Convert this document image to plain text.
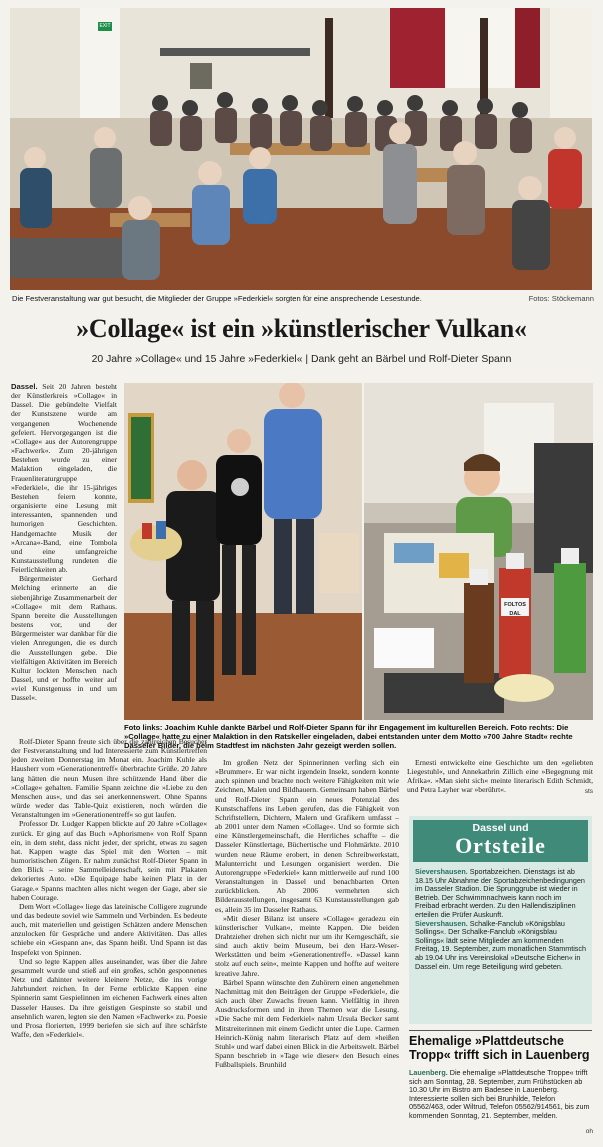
EXIT
Die Festveranstaltung war gut besucht, die Mitglieder der Gruppe »Federkiel« sorgten für eine ansprechende Lesestunde.	Fotos: Stöckemann
»Collage« ist ein »künstlerischer Vulkan«
20 Jahre »Collage« und 15 Jahre »Federkiel« | Dank geht an Bärbel und Rolf-Dieter Spann

Dassel. Seit 20 Jahren besteht der Künstlerkreis »Collage« in Dassel. Die gebündelte Vielfalt der Kunstszene wurde am vergangenen Wochenende gefeiert. Hervorgegangen ist die »Collage« aus der Autorengruppe »Fachwerk«. Zum 20-jährigen Bestehen wurde zu einer Malaktion eingeladen, die Frauenliteraturgruppe »Federkiel«, die ihr 15-jähriges Bestehen feiern konnte, organisierte eine Lesung mit interessanten, spannenden und humorigen Geschichten. Handgemachte Musik der »Arcana«-Band, eine Tombola und eine umfangreiche Kunstausstellung rundeten die Feierlichkeiten ab.

Bürgermeister Gerhard Melching erinnerte an die siebenjährige Zusammenarbeit der »Collage« mit dem Rathaus. Spann bereite die Ausstellungen bestens vor, und der Bürgermeister war dankbar für die vielen Anregungen, die es durch die Ausstellungen gebe. Die vielfältigen Aktivitäten im Bereich Kultur lockten Menschen nach Dassel, und er hoffte weiter auf »viel Kunstgenuss in und um Dassel«.

FOLTOS
DAL
Foto links: Joachim Kuhle dankte Bärbel und Rolf-Dieter Spann für ihr Engagement im kulturellen Bereich. Foto rechts: Die »Collage« hatte zu einer Malaktion in den Ratskeller eingeladen, dabei entstanden unter dem Motto »700 Jahre Stadt« rechte Dasseler Bilder, die beim Stadtfest im nächsten Jahr gezeigt werden sollen.

Rolf-Dieter Spann freute sich über die zahlreichen Besucher der Festveranstaltung und lud Interessierte zum Künstlertreffen jeden zweiten Donnerstag im Monat ein. Joachim Kuhle als Hausherr vom »Generationentreff« überbrachte Grüße. 20 Jahre lang hätten die neun Musen ihre schützende Hand über die »Collage« gehalten. Familie Spann zeichne die »Liebe zu den Menschen aus«, und das sei anerkennenswert. Ohne Spanns würde weder das Table-Quiz existieren, noch würden die Veranstaltungen im »Generationentreff« so gut laufen.

Professor Dr. Ludger Kappen blickte auf 20 Jahre »Collage« zurück. Er ging auf das Buch »Aphorismen« von Rolf Spann ein, in dem steht, dass nicht jeder, der spricht, etwas zu sagen hat. Kappen wagte das Spiel mit den Worten – mit humoristischen Zügen. Er nahm zunächst Rolf-Dieter Spann in den Blick – seine Sammelleidenschaft, sein mit Plakaten dekoriertes Auto. »Die Equipage habe keinen Platz in der Garage.« Spanns machten alles nicht wegen der Gage, aber sie haben Courage.

Dem Wort »Collage« liege das lateinische Colligere zugrunde und das bedeute soviel wie Sammeln und Verbinden. Es bedeute auch, mit materiellen und geistigen Schätzen andere Menschen anzulocken für Gespräche und andere Aktivitäten. Das alles schiebe ein »Gespann an«, das Spann heißt. Und Spann ist das Inspefekt von Spinnen.

Und so legte Kappen alles auseinander, was über die Jahre gesammelt wurde und stieß auf ein großes, schön gesponnenes Netz und dahinter weitere kleinere Netze, die ins vorige Jahrhundert reichen. In der Ferne erblickte Kappen eine Spinnerin samt Gespielinnen im eichenen Fachwerk eines alten Dasseler Hauses. Da ihre geistigen Gespinste so stabil und ansehnlich waren, legten sie den Namen »Fachwerk« zu. Poesie und Prosa florierten, 1999 beriefen sie sich auf ihre schärfste Waffe, den »Federkiel«.

Im großen Netz der Spinnerinnen verfing sich ein »Brummer«. Er war nicht irgendein Insekt, sondern konnte auch spinnen und brachte noch weitere Fähigkeiten mit wie Zeichnen, Malen und Bildhauern. Gemeinsam haben Bärbel und Rolf-Dieter Spann ein neues Potenzial des Kunstschaffens ins Leben gerufen, das die Fähigkeit von Schriftstellern, Dichtern, Malern und Grafikern umfasst – ab 2001 unter dem Namen »Collage«. Und so formte sich eine Künstlergemeinschaft, die Herrliches schaffte – die Dasseler Künstlertage, Büchertische und Flohmärkte. 2010 wurden neue Räume erobert, in denen Schreibwerkstatt, Malunterricht und Lesungen organisiert werden. Die Autorengruppe »Federkiel« kann mittlerweile auf rund 100 Veranstaltungen in Dassel und benachbarten Orten zurückblicken. Ab 2006 vermehrten sich Bilderausstellungen, insgesamt 63 Kunstausstellungen gab es, allein 35 im Dasseler Rathaus.

»Mit dieser Bilanz ist unsere »Collage« geradezu ein künstlerischer Vulkan«, meinte Kappen. Die beiden Drahtzieher drehen sich nicht nur um ihr Kerngeschäft, sie sind auch aktiv beim Museum, bei den Harz-Weser-Werkstätten und beim »Generationentreff«. »Dassel kann stolz auf euch sein«, meinte Kappen und hoffte auf weitere kreative Jahre.

Bärbel Spann wünschte den Zuhörern einen angenehmen Nachmittag mit den Beiträgen der Gruppe »Federkiel«, die sich auch über Zuwachs freuen kann. Vielfältig in ihren Ausdrucksformen und in ihren Themen war die Lesung. »Die Sache mit dem Federkiel« nahm Ursula Becker samt Mitstreiterinnen mit einem Gedicht unter die Lupe. Carmen Heinrich-König nahm literarisch Platz auf dem »heißen Stuhl« und warf dabei einen Blick in die Arbeitswelt. Bärbel Spann beschrieb in »Tage wie dieser« den Besuch eines Fußballspiels. Brunhild

Ernesti entwickelte eine Geschichte um den »geliebten Liegestuhl«, und Annekathrin Zillich eine »Begegnung mit Afrika«. »Man sieht sich« meinte literarisch Edith Schmidt, und Petra Layher war »berührt«.	sts
Dassel und
Ortsteile

Sievershausen. Sportabzeichen. Dienstags ist ab 18.15 Uhr Abnahme der Sportabzeichenbedingungen im Dasseler Stadion. Die Sprunggrube ist wieder in Betrieb. Der Schwimmnachweis kann noch im Freibad erbracht werden. Zu den Hallendisziplinen erteilen die Prüfer Auskunft.

Sievershausen. Schalke-Fanclub »Königsblau Sollings«. Der Schalke-Fanclub »Königsblau Sollings« lädt seine Mitglieder am kommenden Freitag, 19. September, zum monatlichen Stammtisch ab 19.04 Uhr ins Vereinslokal »Deutsche Eichen« in Dassel ein. Um rege Beteiligung wird gebeten.

Ehemalige »Plattdeutsche Tropp« trifft sich in Lauenberg

Lauenberg. Die ehemalige »Plattdeutsche Troppe« trifft sich am Sonntag, 28. September, zum Frühstücken ab 10.30 Uhr im Bistro am Badesee in Lauenberg.

Interessierte sollen sich bei Brunhilde, Telefon 05562/463, oder Wiltrud, Telefon 05562/914561, bis zum kommenden Sonntag, 21. September, melden.

oh
